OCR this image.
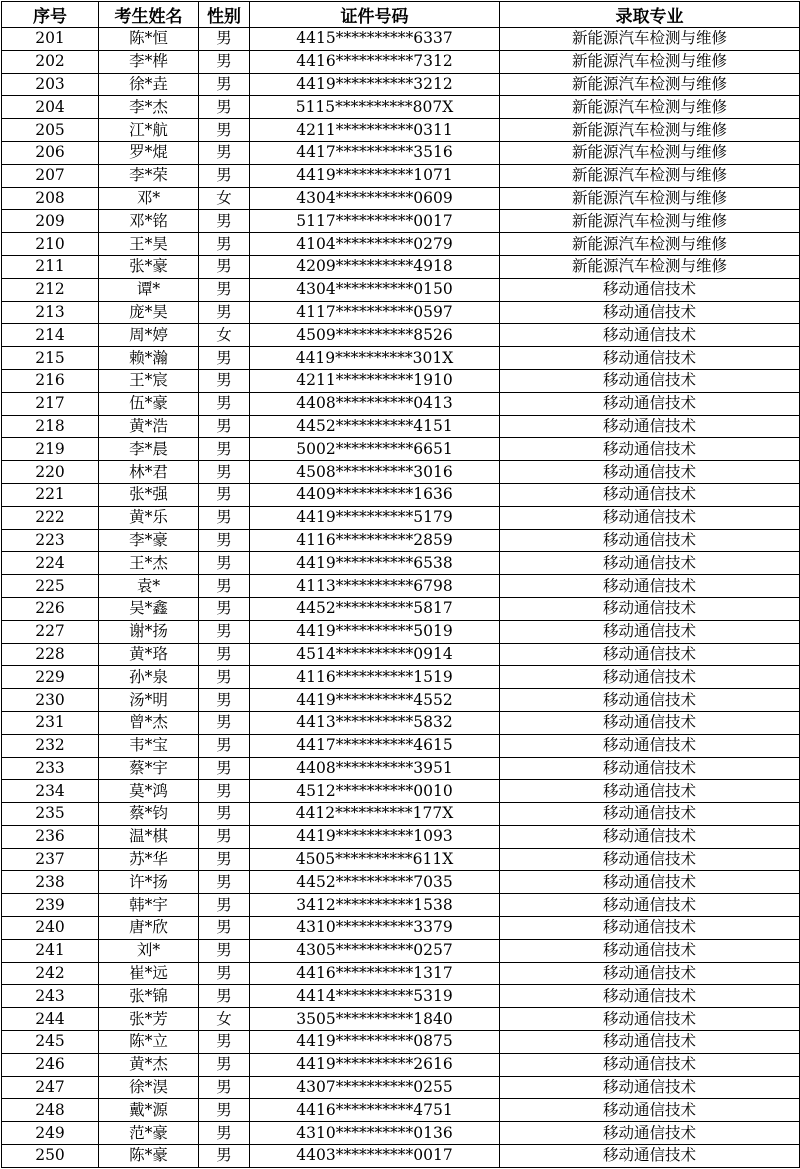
序号	考生姓名	性别	证件号码	录取专业
201	陈*恒	男	4415**********6337	新能源汽车检测与维修
202	李*桦	男	4416**********7312	新能源汽车检测与维修
203	徐*垚	男	4419**********3212	新能源汽车检测与维修
204	李*杰	男	5115**********807X	新能源汽车检测与维修
205	江*航	男	4211**********0311	新能源汽车检测与维修
206	罗*焜	男	4417**********3516	新能源汽车检测与维修
207	李*荣	男	4419**********1071	新能源汽车检测与维修
208	邓*	女	4304**********0609	新能源汽车检测与维修
209	邓*铭	男	5117**********0017	新能源汽车检测与维修
210	王*昊	男	4104**********0279	新能源汽车检测与维修
211	张*豪	男	4209**********4918	新能源汽车检测与维修
212	谭*	男	4304**********0150	移动通信技术
213	庞*昊	男	4117**********0597	移动通信技术
214	周*婷	女	4509**********8526	移动通信技术
215	赖*瀚	男	4419**********301X	移动通信技术
216	王*宸	男	4211**********1910	移动通信技术
217	伍*豪	男	4408**********0413	移动通信技术
218	黄*浩	男	4452**********4151	移动通信技术
219	李*晨	男	5002**********6651	移动通信技术
220	林*君	男	4508**********3016	移动通信技术
221	张*强	男	4409**********1636	移动通信技术
222	黄*乐	男	4419**********5179	移动通信技术
223	李*豪	男	4116**********2859	移动通信技术
224	王*杰	男	4419**********6538	移动通信技术
225	袁*	男	4113**********6798	移动通信技术
226	吴*鑫	男	4452**********5817	移动通信技术
227	谢*扬	男	4419**********5019	移动通信技术
228	黄*珞	男	4514**********0914	移动通信技术
229	孙*泉	男	4116**********1519	移动通信技术
230	汤*明	男	4419**********4552	移动通信技术
231	曾*杰	男	4413**********5832	移动通信技术
232	韦*宝	男	4417**********4615	移动通信技术
233	蔡*宇	男	4408**********3951	移动通信技术
234	莫*鸿	男	4512**********0010	移动通信技术
235	蔡*钧	男	4412**********177X	移动通信技术
236	温*棋	男	4419**********1093	移动通信技术
237	苏*华	男	4505**********611X	移动通信技术
238	许*扬	男	4452**********7035	移动通信技术
239	韩*宇	男	3412**********1538	移动通信技术
240	唐*欣	男	4310**********3379	移动通信技术
241	刘*	男	4305**********0257	移动通信技术
242	崔*远	男	4416**********1317	移动通信技术
243	张*锦	男	4414**********5319	移动通信技术
244	张*芳	女	3505**********1840	移动通信技术
245	陈*立	男	4419**********0875	移动通信技术
246	黄*杰	男	4419**********2616	移动通信技术
247	徐*淏	男	4307**********0255	移动通信技术
248	戴*源	男	4416**********4751	移动通信技术
249	范*豪	男	4310**********0136	移动通信技术
250	陈*豪	男	4403**********0017	移动通信技术
